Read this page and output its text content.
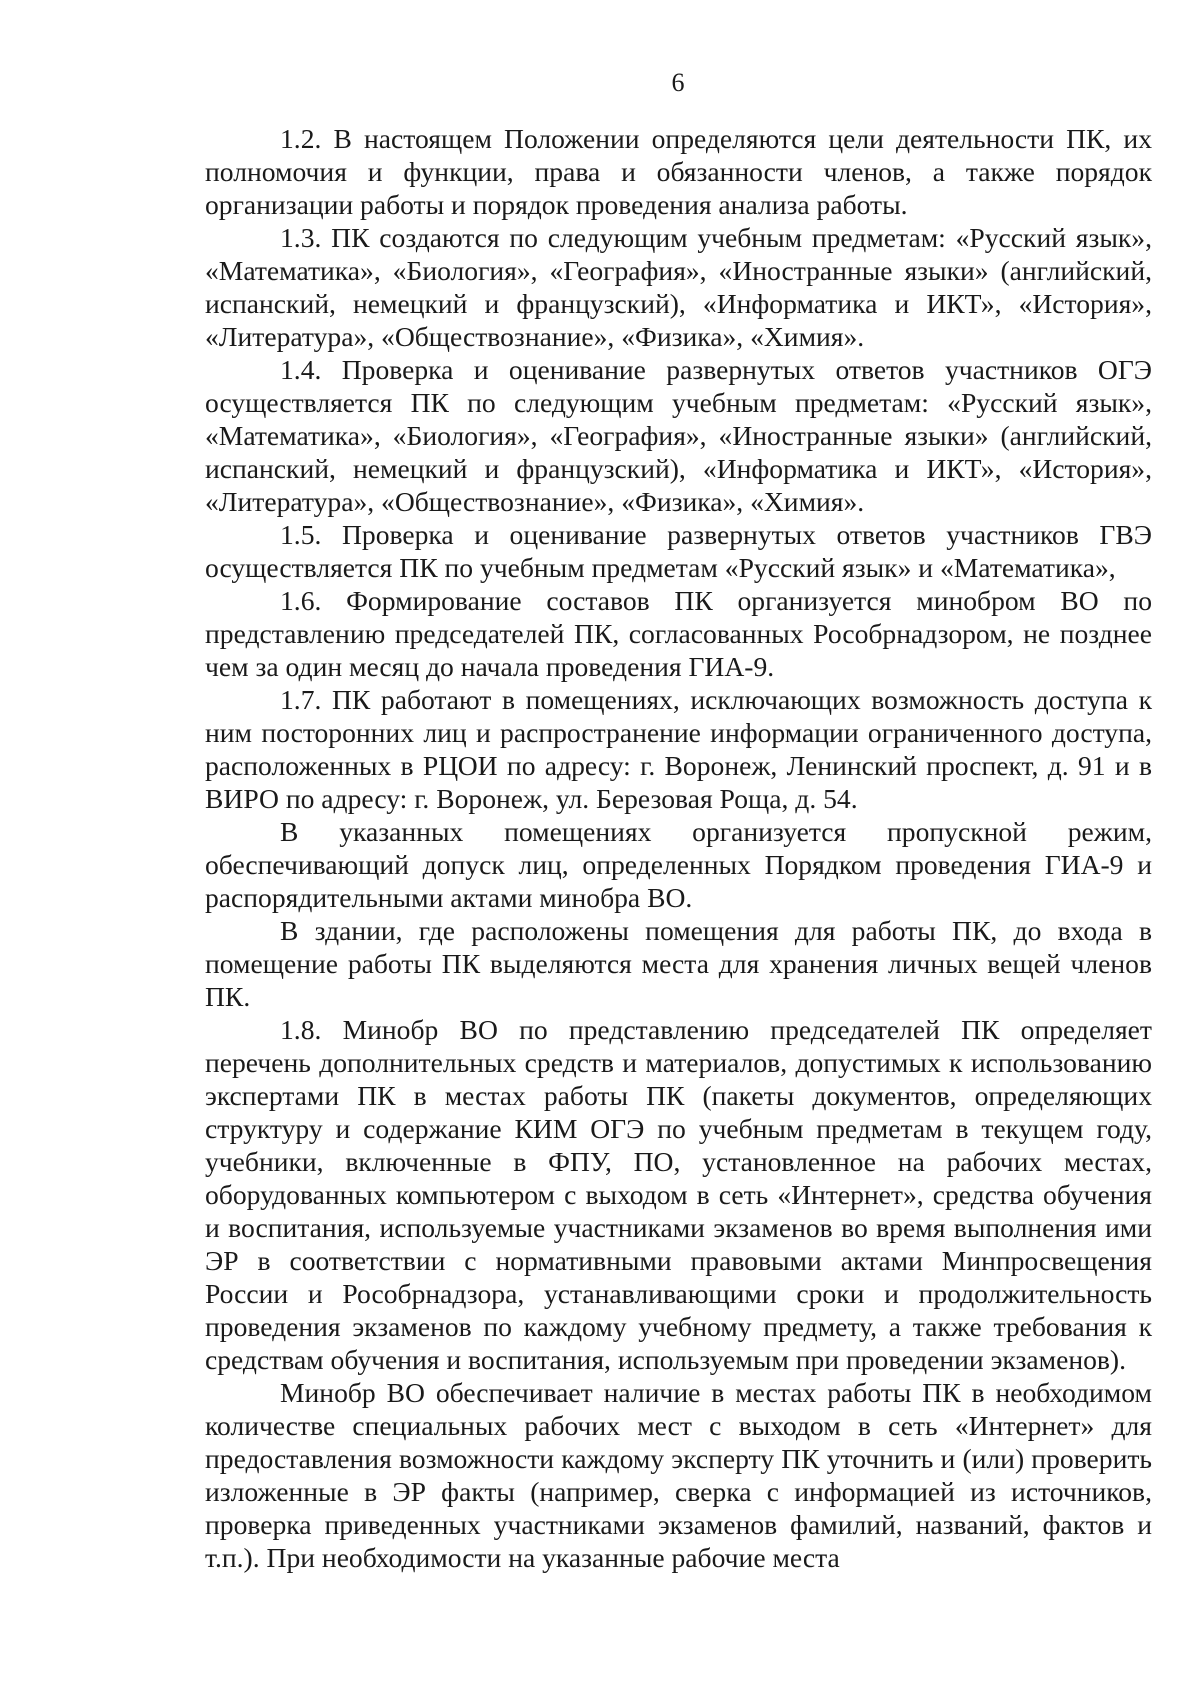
6

1.2. В настоящем Положении определяются цели деятельности ПК, их полномочия и функции, права и обязанности членов, а также порядок организации работы и порядок проведения анализа работы.

1.3. ПК создаются по следующим учебным предметам: «Русский язык», «Математика», «Биология», «География», «Иностранные языки» (английский, испанский, немецкий и французский), «Информатика и ИКТ», «История», «Литература», «Обществознание», «Физика», «Химия».

1.4. Проверка и оценивание развернутых ответов участников ОГЭ осуществляется ПК по следующим учебным предметам: «Русский язык», «Математика», «Биология», «География», «Иностранные языки» (английский, испанский, немецкий и французский), «Информатика и ИКТ», «История», «Литература», «Обществознание», «Физика», «Химия».

1.5. Проверка и оценивание развернутых ответов участников ГВЭ осуществляется ПК по учебным предметам «Русский язык» и «Математика»,

1.6. Формирование составов ПК организуется минобром ВО по представлению председателей ПК, согласованных Рособрнадзором, не позднее чем за один месяц до начала проведения ГИА-9.

1.7. ПК работают в помещениях, исключающих возможность доступа к ним посторонних лиц и распространение информации ограниченного доступа, расположенных в РЦОИ по адресу: г. Воронеж, Ленинский проспект, д. 91 и в ВИРО по адресу: г. Воронеж, ул. Березовая Роща, д. 54.

В указанных помещениях организуется пропускной режим, обеспечивающий допуск лиц, определенных Порядком проведения ГИА-9 и распорядительными актами минобра ВО.

В здании, где расположены помещения для работы ПК, до входа в помещение работы ПК выделяются места для хранения личных вещей членов ПК.

1.8. Минобр ВО по представлению председателей ПК определяет перечень дополнительных средств и материалов, допустимых к использованию экспертами ПК в местах работы ПК (пакеты документов, определяющих структуру и содержание КИМ ОГЭ по учебным предметам в текущем году, учебники, включенные в ФПУ, ПО, установленное на рабочих местах, оборудованных компьютером с выходом в сеть «Интернет», средства обучения и воспитания, используемые участниками экзаменов во время выполнения ими ЭР в соответствии с нормативными правовыми актами Минпросвещения России и Рособрнадзора, устанавливающими сроки и продолжительность проведения экзаменов по каждому учебному предмету, а также требования к средствам обучения и воспитания, используемым при проведении экзаменов).

Минобр ВО обеспечивает наличие в местах работы ПК в необходимом количестве специальных рабочих мест с выходом в сеть «Интернет» для предоставления возможности каждому эксперту ПК уточнить и (или) проверить изложенные в ЭР факты (например, сверка с информацией из источников, проверка приведенных участниками экзаменов фамилий, названий, фактов и т.п.). При необходимости на указанные рабочие места
